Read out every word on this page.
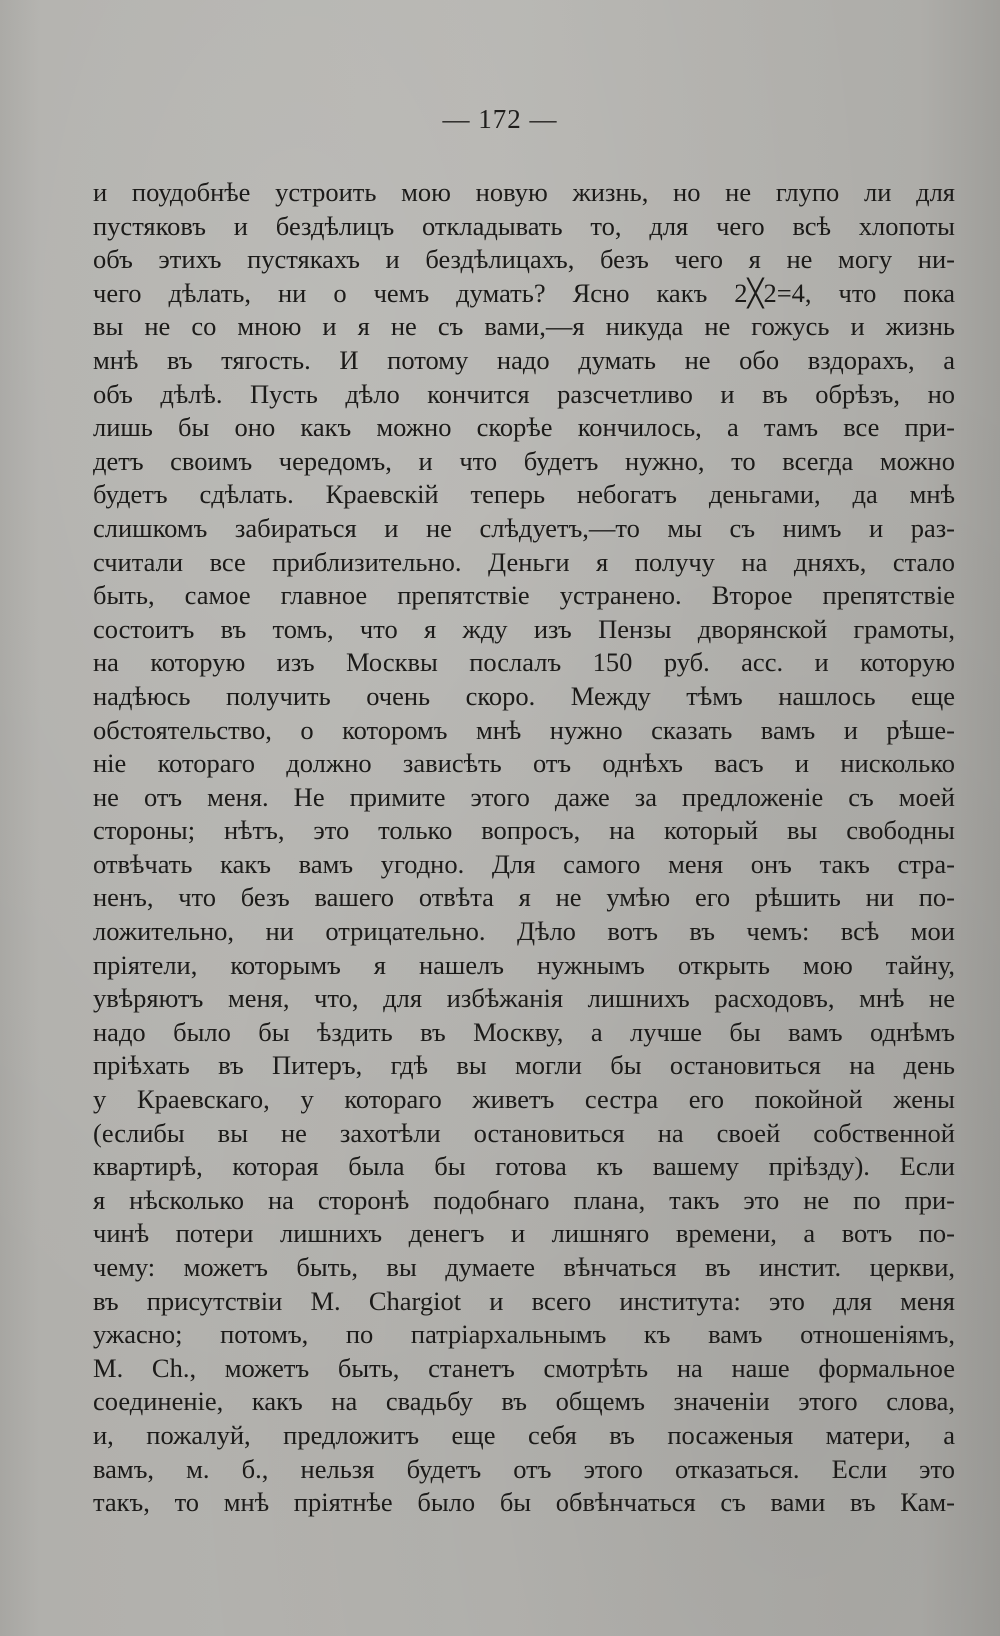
— 172 —
и поудобнѣе устроить мою новую жизнь, но не глупо ли для
пустяковъ и бездѣлицъ откладывать то, для чего всѣ хлопоты
объ этихъ пустякахъ и бездѣлицахъ, безъ чего я не могу ни-
чего дѣлать, ни о чемъ думать? Ясно какъ 2╳2=4, что пока
вы не со мною и я не съ вами,—я никуда не гожусь и жизнь
мнѣ въ тягость. И потому надо думать не обо вздорахъ, а
объ дѣлѣ. Пусть дѣло кончится разсчетливо и въ обрѣзъ, но
лишь бы оно какъ можно скорѣе кончилось, а тамъ все при-
детъ своимъ чередомъ, и что будетъ нужно, то всегда можно
будетъ сдѣлать. Краевскій теперь небогатъ деньгами, да мнѣ
слишкомъ забираться и не слѣдуетъ,—то мы съ нимъ и раз-
считали все приблизительно. Деньги я получу на дняхъ, стало
быть, самое главное препятствіе устранено. Второе препятствіе
состоитъ въ томъ, что я жду изъ Пензы дворянской грамоты,
на которую изъ Москвы послалъ 150 руб. асс. и которую
надѣюсь получить очень скоро. Между тѣмъ нашлось еще
обстоятельство, о которомъ мнѣ нужно сказать вамъ и рѣше-
ніе котораго должно зависѣть отъ однѣхъ васъ и нисколько
не отъ меня. Не примите этого даже за предложеніе съ моей
стороны; нѣтъ, это только вопросъ, на который вы свободны
отвѣчать какъ вамъ угодно. Для самого меня онъ такъ стра-
ненъ, что безъ вашего отвѣта я не умѣю его рѣшить ни по-
ложительно, ни отрицательно. Дѣло вотъ въ чемъ: всѣ мои
пріятели, которымъ я нашелъ нужнымъ открыть мою тайну,
увѣряютъ меня, что, для избѣжанія лишнихъ расходовъ, мнѣ не
надо было бы ѣздить въ Москву, а лучше бы вамъ однѣмъ
пріѣхать въ Питеръ, гдѣ вы могли бы остановиться на день
у Краевскаго, у котораго живетъ сестра его покойной жены
(еслибы вы не захотѣли остановиться на своей собственной
квартирѣ, которая была бы готова къ вашему пріѣзду). Если
я нѣсколько на сторонѣ подобнаго плана, такъ это не по при-
чинѣ потери лишнихъ денегъ и лишняго времени, а вотъ по-
чему: можетъ быть, вы думаете вѣнчаться въ инстит. церкви,
въ присутствіи M. Chargiot и всего института: это для меня
ужасно; потомъ, по патріархальнымъ къ вамъ отношеніямъ,
M. Ch., можетъ быть, станетъ смотрѣть на наше формальное
соединеніе, какъ на свадьбу въ общемъ значеніи этого слова,
и, пожалуй, предложитъ еще себя въ посаженыя матери, а
вамъ, м. б., нельзя будетъ отъ этого отказаться. Если это
такъ, то мнѣ пріятнѣе было бы обвѣнчаться съ вами въ Кам-
